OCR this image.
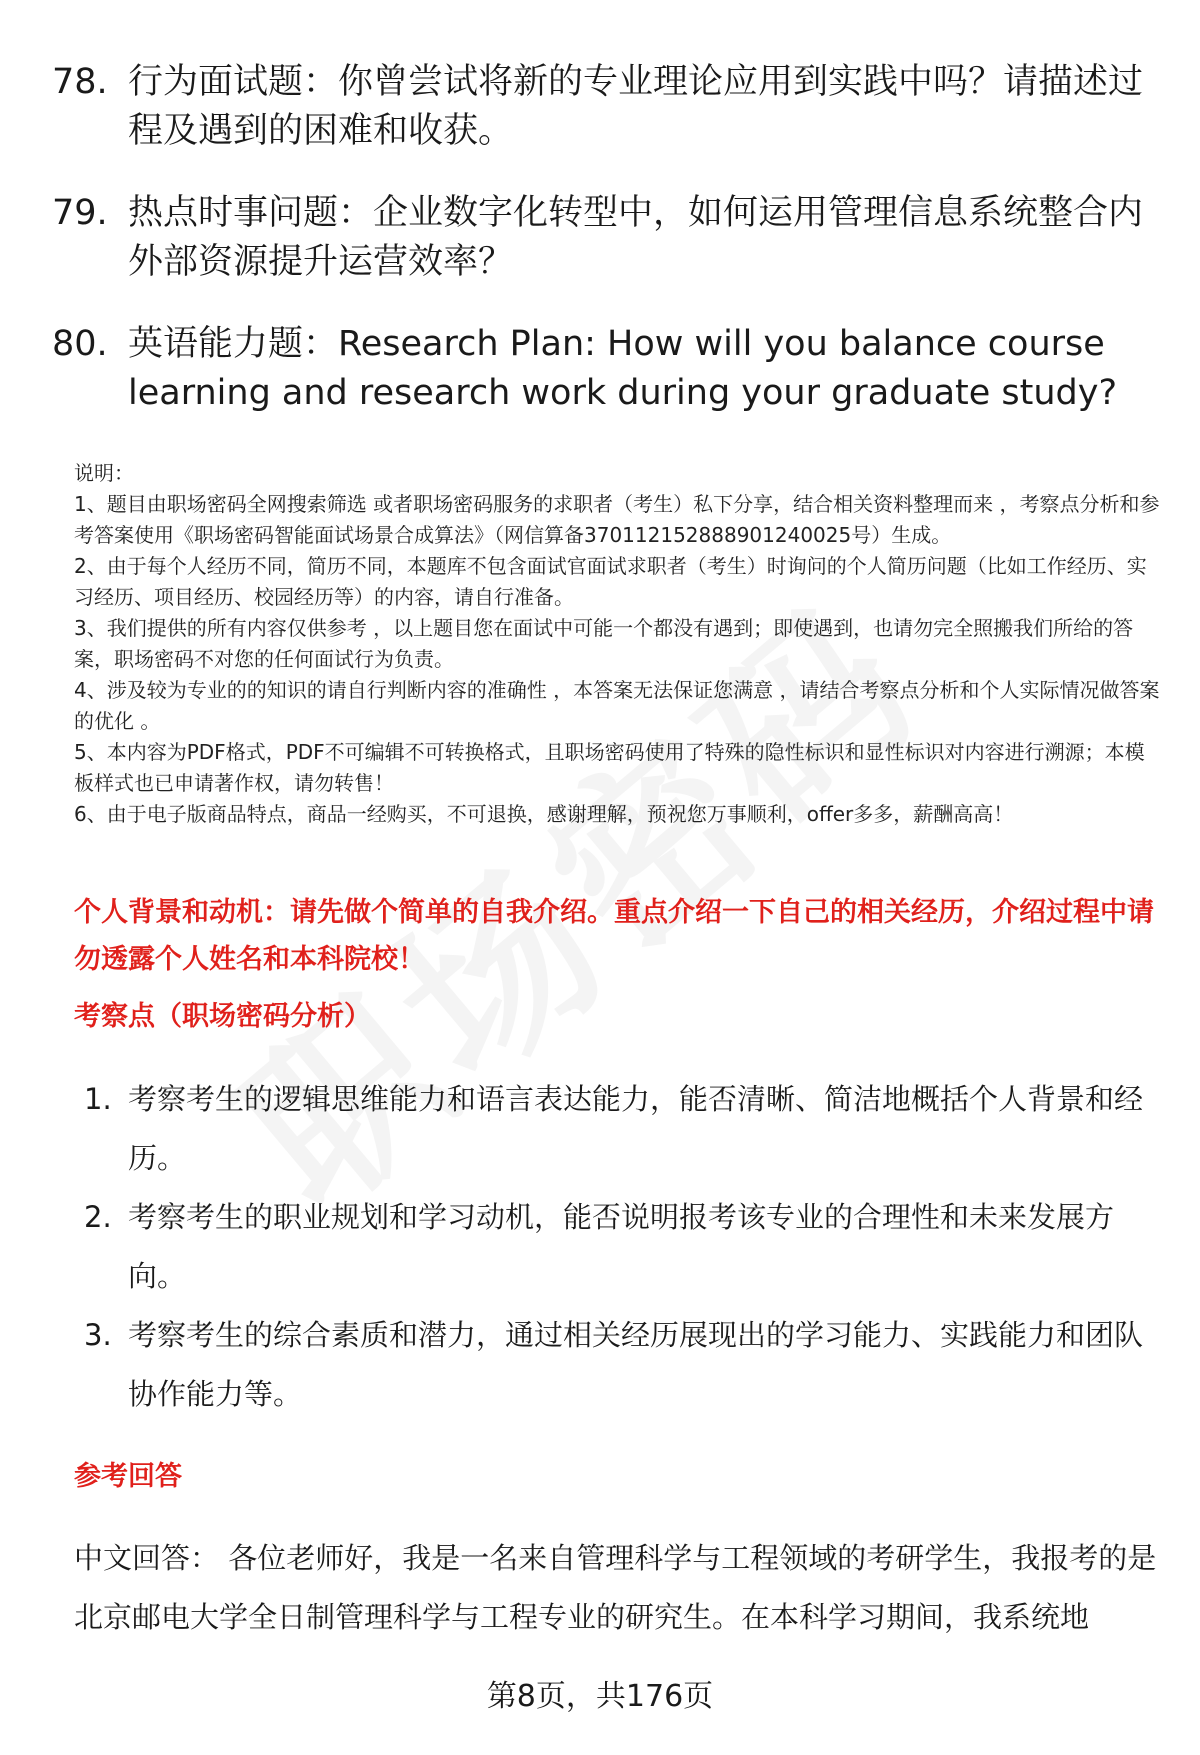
78. 行为面试题：你曾尝试将新的专业理论应用到实践中吗？请描述过程及遇到的困难和收获。
79. 热点时事问题：企业数字化转型中，如何运用管理信息系统整合内外部资源提升运营效率？
80. 英语能力题：Research Plan: How will you balance course learning and research work during your graduate study?

说明：

1、题目由职场密码全网搜索筛选 或者职场密码服务的求职者（考生）私下分享，结合相关资料整理而来 ，考察点分析和参考答案使用《职场密码智能面试场景合成算法》（网信算备370112152888901240025号）生成。

2、由于每个人经历不同，简历不同，本题库不包含面试官面试求职者（考生）时询问的个人简历问题（比如工作经历、实习经历、项目经历、校园经历等）的内容，请自行准备。

3、我们提供的所有内容仅供参考 ，以上题目您在面试中可能一个都没有遇到；即使遇到，也请勿完全照搬我们所给的答案，职场密码不对您的任何面试行为负责。

4、涉及较为专业的的知识的请自行判断内容的准确性 ，本答案无法保证您满意 ，请结合考察点分析和个人实际情况做答案的优化 。

5、本内容为PDF格式，PDF不可编辑不可转换格式，且职场密码使用了特殊的隐性标识和显性标识对内容进行溯源；本模板样式也已申请著作权，请勿转售！

6、由于电子版商品特点，商品一经购买，不可退换，感谢理解，预祝您万事顺利，offer多多，薪酬高高！

个人背景和动机：请先做个简单的自我介绍。重点介绍一下自己的相关经历，介绍过程中请勿透露个人姓名和本科院校！
考察点（职场密码分析）
1. 考察考生的逻辑思维能力和语言表达能力，能否清晰、简洁地概括个人背景和经历。
2. 考察考生的职业规划和学习动机，能否说明报考该专业的合理性和未来发展方向。
3. 考察考生的综合素质和潜力，通过相关经历展现出的学习能力、实践能力和团队协作能力等。
参考回答
中文回答： 各位老师好，我是一名来自管理科学与工程领域的考研学生，我报考的是北京邮电大学全日制管理科学与工程专业的研究生。在本科学习期间，我系统地
第8页，共176页
